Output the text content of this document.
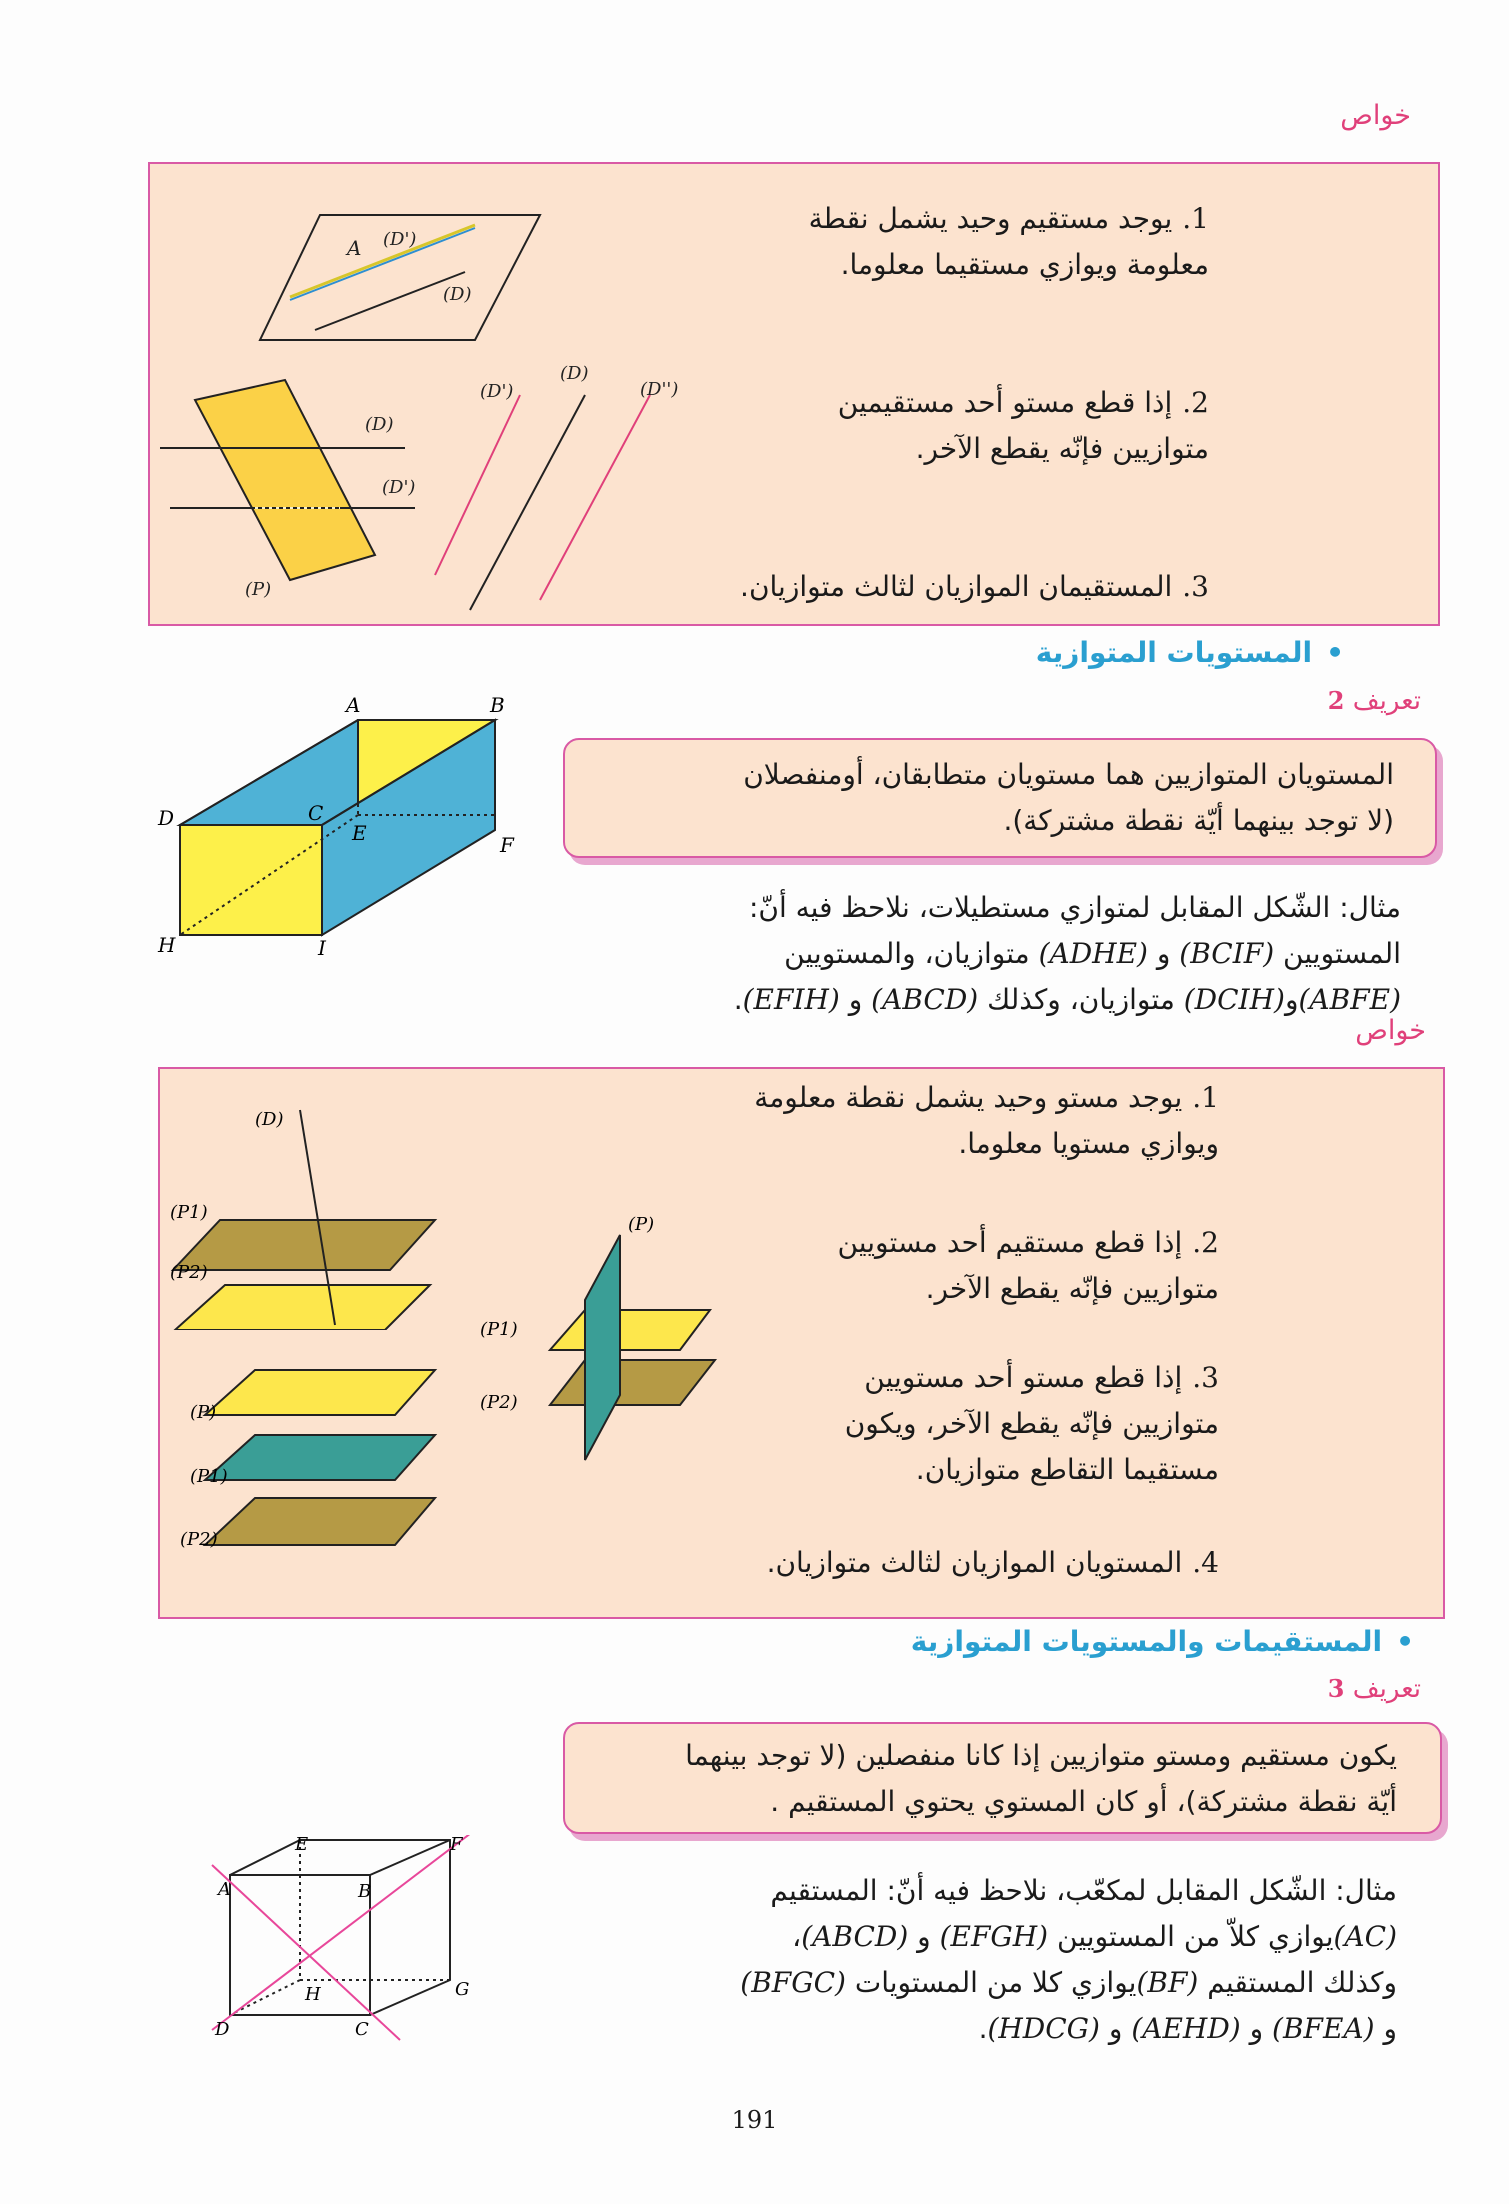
خواص
1.يوجد مستقيم وحيد يشمل نقطة
معلومة ويوازي مستقيما معلوما.
2.إذا قطع مستو أحد مستقيمين
متوازيين فإنّه يقطع الآخر.
3.المستقيمان الموازيان لثالث متوازيان.
A (D')
(D)
(D)
(D')
(P)
(D')
(D)
(D'')
•المستويات المتوازية
تعريف 2
المستويان المتوازيين هما مستويان متطابقان، أومنفصلان
(لا توجد بينهما أيّة نقطة مشتركة).
A	B
C
D
E	F
H	I
مثال: الشّكل المقابل لمتوازي مستطيلات، نلاحظ فيه أنّ:
المستويين (BCIF) و (ADHE) متوازيان، والمستويين
(ABFE)و(DCIH) متوازيان، وكذلك (ABCD) و (EFIH).
خواص
1.يوجد مستو وحيد يشمل نقطة معلومة
ويوازي مستويا معلوما.
2.إذا قطع مستقيم أحد مستويين
متوازيين فإنّه يقطع الآخر.
3.إذا قطع مستو أحد مستويين
متوازيين فإنّه يقطع الآخر، ويكون
مستقيما التقاطع متوازيان.
4.المستويان الموازيان لثالث متوازيان.
(D)
(P1)
(P2)
(P)
(P1)
(P2)
(P)
(P1)
(P2)
•المستقيمات والمستويات المتوازية
تعريف 3
يكون مستقيم ومستو متوازيين إذا كانا منفصلين (لا توجد بينهما
أيّة نقطة مشتركة)، أو كان المستوي يحتوي المستقيم .
A	B
C
D
E	F
G
H
مثال: الشّكل المقابل لمكعّب، نلاحظ فيه أنّ: المستقيم
(AC)يوازي كلاّ من المستويين (EFGH) و (ABCD)،
وكذلك المستقيم (BF)يوازي كلا من المستويات (BFGC)
و (BFEA) و (AEHD) و (HDCG).
191
